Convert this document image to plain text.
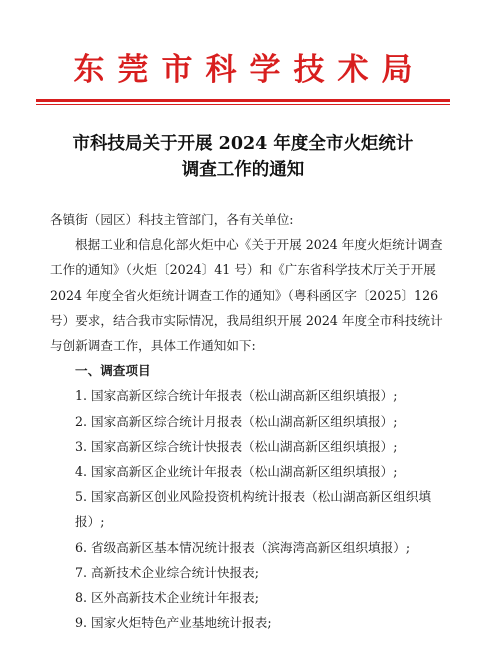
东莞市科学技术局
市科技局关于开展 2024 年度全市火炬统计
调查工作的通知

各镇街（园区）科技主管部门，各有关单位:

根据工业和信息化部火炬中心《关于开展 2024 年度火炬统计调查工作的通知》（火炬〔2024〕41 号）和《广东省科学技术厅关于开展 2024 年度全省火炬统计调查工作的通知》（粤科函区字〔2025〕126 号）要求，结合我市实际情况，我局组织开展 2024 年度全市科技统计与创新调查工作，具体工作通知如下:

一、调查项目

1. 国家高新区综合统计年报表（松山湖高新区组织填报）;

2. 国家高新区综合统计月报表（松山湖高新区组织填报）;

3. 国家高新区综合统计快报表（松山湖高新区组织填报）;

4. 国家高新区企业统计年报表（松山湖高新区组织填报）;

5. 国家高新区创业风险投资机构统计报表（松山湖高新区组织填报）;

6. 省级高新区基本情况统计报表（滨海湾高新区组织填报）;

7. 高新技术企业综合统计快报表;

8. 区外高新技术企业统计年报表;

9. 国家火炬特色产业基地统计报表;
